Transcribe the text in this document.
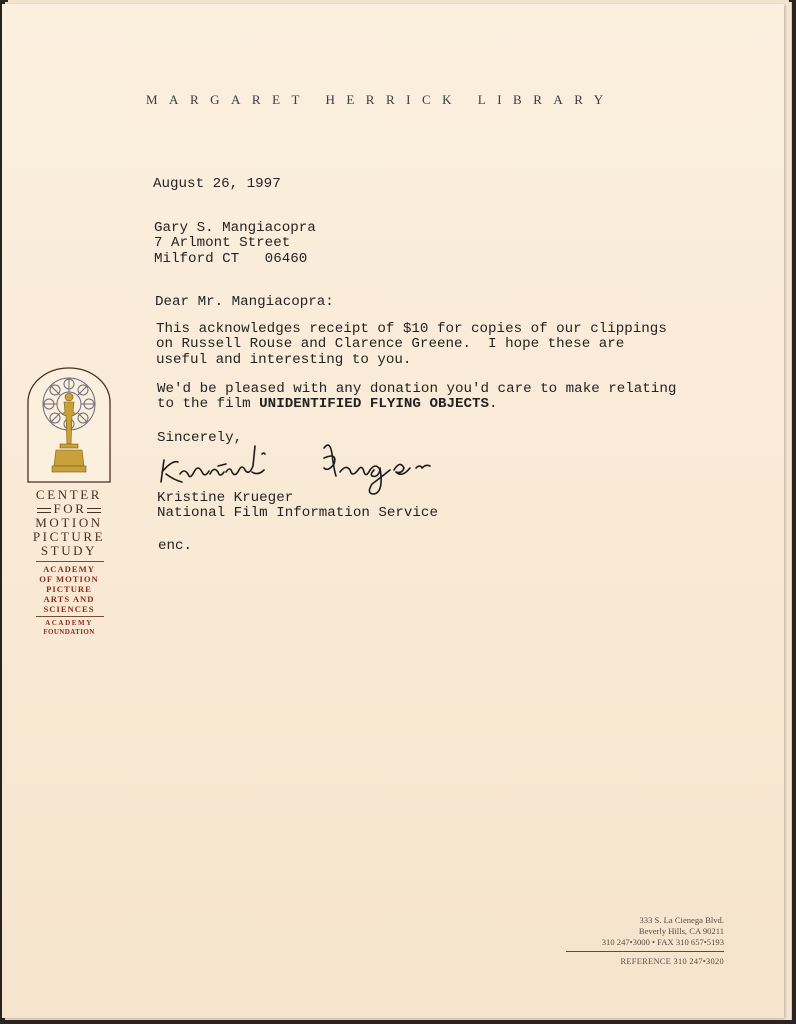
MARGARET HERRICK LIBRARY
August 26, 1997
Gary S. Mangiacopra
7 Arlmont Street
Milford CT   06460
Dear Mr. Mangiacopra:
This acknowledges receipt of $10 for copies of our clippings
on Russell Rouse and Clarence Greene.  I hope these are
useful and interesting to you.
We'd be pleased with any donation you'd care to make relating
to the film UNIDENTIFIED FLYING OBJECTS.
Sincerely,
Kristine Krueger
National Film Information Service
enc.
CENTER
FOR
MOTION
PICTURE
STUDY
ACADEMY
OF MOTION
PICTURE
ARTS AND
SCIENCES
ACADEMY
FOUNDATION
333 S. La Cienega Blvd.
Beverly Hills, CA 90211
310 247•3000 • FAX 310 657•5193
REFERENCE 310 247•3020
